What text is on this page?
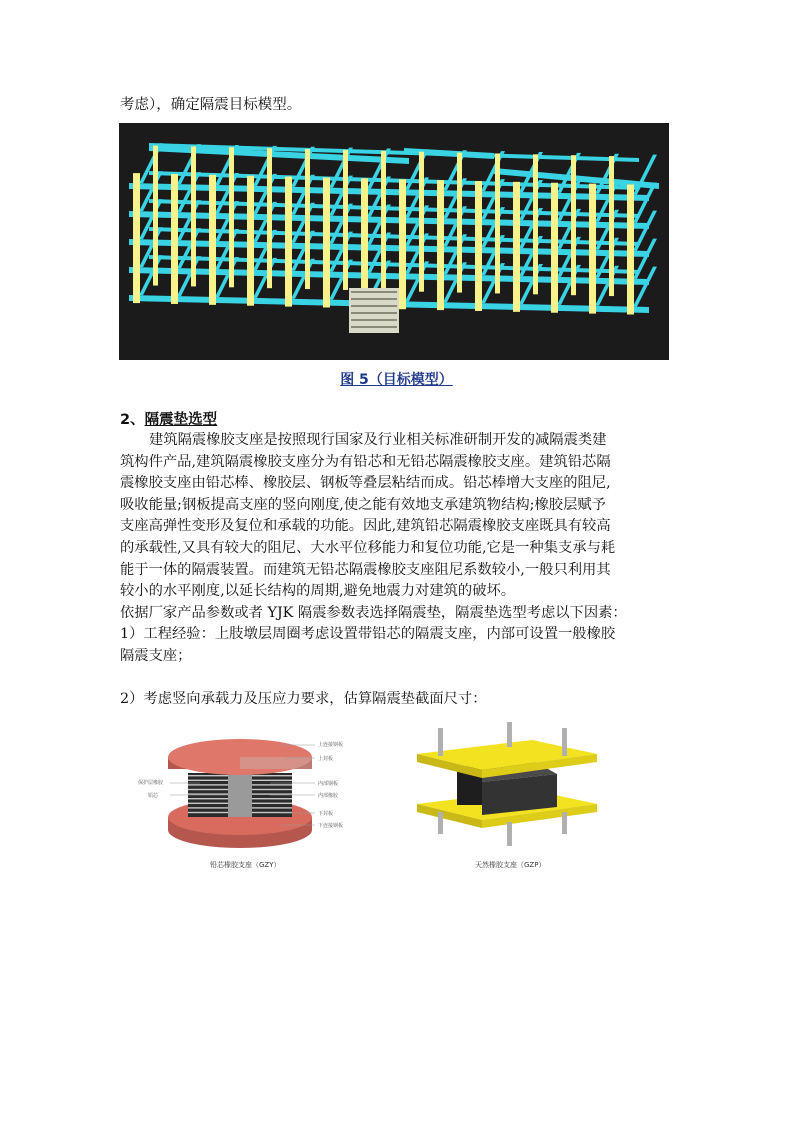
考虑），确定隔震目标模型。
图 5（目标模型）
2、隔震垫选型
建筑隔震橡胶支座是按照现行国家及行业相关标准研制开发的减隔震类建
筑构件产品,建筑隔震橡胶支座分为有铅芯和无铅芯隔震橡胶支座。建筑铅芯隔
震橡胶支座由铅芯棒、橡胶层、钢板等叠层粘结而成。铅芯棒增大支座的阻尼,
吸收能量;钢板提高支座的竖向刚度,使之能有效地支承建筑物结构;橡胶层赋予
支座高弹性变形及复位和承载的功能。因此,建筑铅芯隔震橡胶支座既具有较高
的承载性,又具有较大的阻尼、大水平位移能力和复位功能,它是一种集支承与耗
能于一体的隔震装置。而建筑无铅芯隔震橡胶支座阻尼系数较小,一般只利用其
较小的水平刚度,以延长结构的周期,避免地震力对建筑的破坏。
依据厂家产品参数或者 YJK 隔震参数表选择隔震垫，隔震垫选型考虑以下因素：
1）工程经验：上肢墩层周圈考虑设置带铅芯的隔震支座，内部可设置一般橡胶
隔震支座；
2）考虑竖向承载力及压应力要求，估算隔震垫截面尺寸：
上连接钢板
上封板
保护层橡胶
铅芯
内部钢板
内部橡胶
下封板
下连接钢板
铅芯橡胶支座（GZY）	天然橡胶支座（GZP）
